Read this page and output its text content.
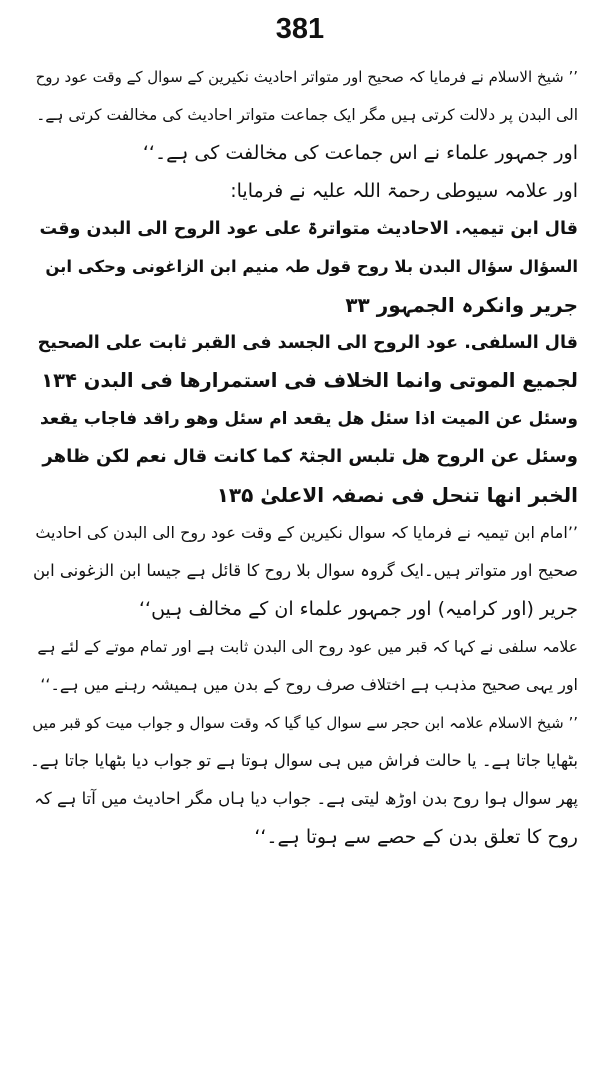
381
’’ شیخ الاسلام نے فرمایا کہ صحیح اور متواتر احادیث نکیرین کے سوال کے وقت عود روح
الی البدن پر دلالت کرتی ہیں مگر ایک جماعت متواتر احادیث کی مخالفت کرتی ہے۔
اور جمہور علماء نے اس جماعت کی مخالفت کی ہے۔‘‘
اور علامہ سیوطی رحمۃ اللہ علیہ نے فرمایا:
قال ابن تیمیہ. الاحادیث متواترۃ علی عود الروح الی البدن وقت
السؤال سؤال البدن بلا روح قول طہ منیم ابن الزاغونی وحکی ابن
جریر وانکرہ الجمہور ۳۳
قال السلفی. عود الروح الی الجسد فی القبر ثابت علی الصحیح
لجمیع الموتی وانما الخلاف فی استمرارھا فی البدن ۱۳۴
وسئل عن المیت اذا سئل ھل یقعد ام سئل وھو راقد فاجاب یقعد
وسئل عن الروح ھل تلبس الجثۃ کما کانت قال نعم لکن ظاھر
الخبر انھا تنحل فی نصفہ الاعلیٰ ۱۳۵
’’امام ابن تیمیہ نے فرمایا کہ سوال نکیرین کے وقت عود روح الی البدن کی احادیث
صحیح اور متواتر ہیں۔ایک گروہ سوال بلا روح کا قائل ہے جیسا ابن الزغونی ابن
جریر (اور کرامیہ) اور جمہور علماء ان کے مخالف ہیں‘‘
علامہ سلفی نے کہا کہ قبر میں عود روح الی البدن ثابت ہے اور تمام موتے کے لئے ہے
اور یہی صحیح مذہب ہے اختلاف صرف روح کے بدن میں ہمیشہ رہنے میں ہے۔‘‘
’’ شیخ الاسلام علامہ ابن حجر سے سوال کیا گیا کہ وقت سوال و جواب میت کو قبر میں
بٹھایا جاتا ہے۔ یا حالت فراش میں ہی سوال ہوتا ہے تو جواب دیا بٹھایا جاتا ہے۔
پھر سوال ہوا روح بدن اوڑھ لیتی ہے۔ جواب دیا ہاں مگر احادیث میں آتا ہے کہ
روح کا تعلق بدن کے حصے سے ہوتا ہے۔‘‘
